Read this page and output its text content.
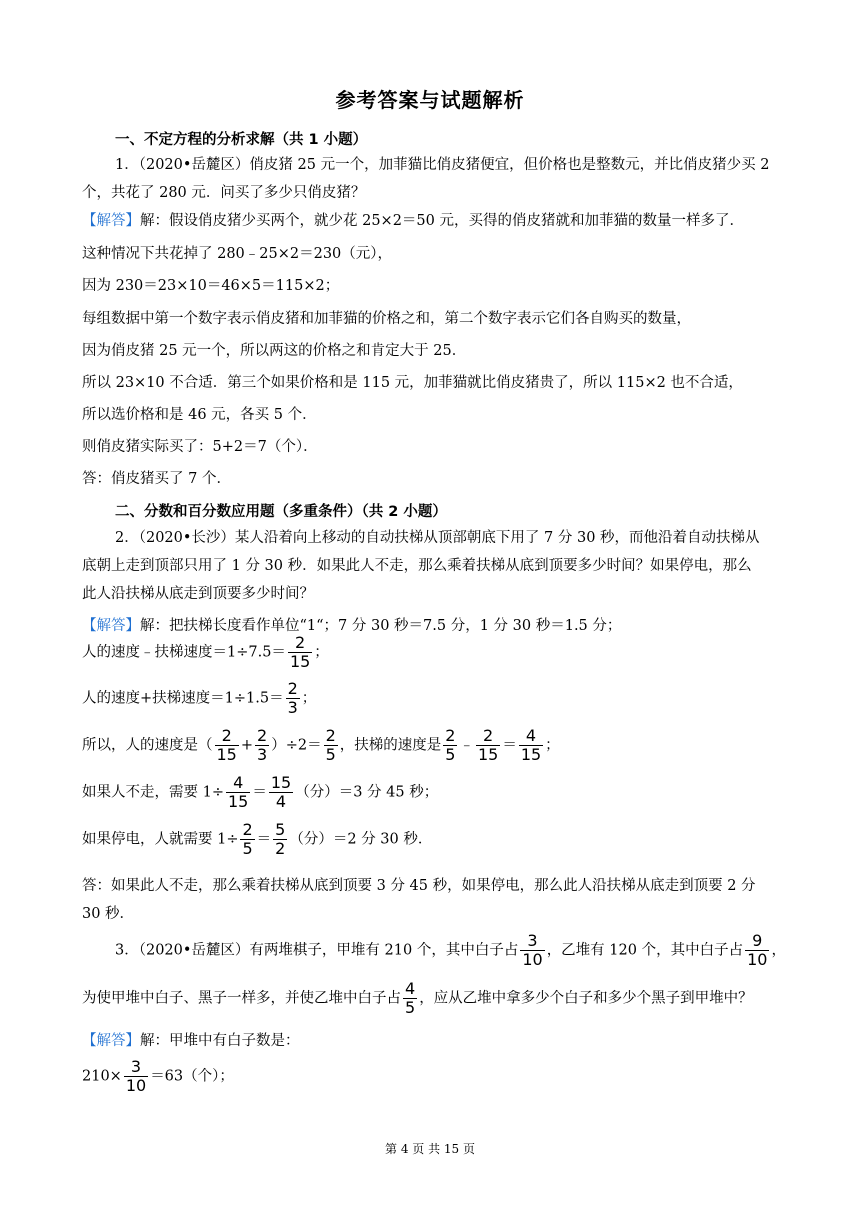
参考答案与试题解析
一、不定方程的分析求解（共 1 小题）
1．（2020•岳麓区）俏皮猪 25 元一个，加菲猫比俏皮猪便宜，但价格也是整数元，并比俏皮猪少买 2
个，共花了 280 元．问买了多少只俏皮猪？
【解答】解：假设俏皮猪少买两个，就少花 25×2＝50 元，买得的俏皮猪就和加菲猫的数量一样多了．
这种情况下共花掉了 280﹣25×2＝230（元），
因为 230＝23×10＝46×5＝115×2；
每组数据中第一个数字表示俏皮猪和加菲猫的价格之和，第二个数字表示它们各自购买的数量，
因为俏皮猪 25 元一个，所以两这的价格之和肯定大于 25．
所以 23×10 不合适．第三个如果价格和是 115 元，加菲猫就比俏皮猪贵了，所以 115×2 也不合适，
所以选价格和是 46 元，各买 5 个．
则俏皮猪实际买了：5+2＝7（个）．
答：俏皮猪买了 7 个．
二、分数和百分数应用题（多重条件）（共 2 小题）
2．（2020•长沙）某人沿着向上移动的自动扶梯从顶部朝底下用了 7 分 30 秒，而他沿着自动扶梯从
底朝上走到顶部只用了 1 分 30 秒．如果此人不走，那么乘着扶梯从底到顶要多少时间？如果停电，那么
此人沿扶梯从底走到顶要多少时间？
【解答】解：把扶梯长度看作单位“1“；7 分 30 秒＝7.5 分，1 分 30 秒＝1.5 分；
人的速度﹣扶梯速度$=1\div 7.5= \frac{2}{15}$ ；
人的速度+扶梯速度$=1\div 1.5= \frac{2}{3}$ ；
所以，人的速度是（ $\frac{2}{15} + \frac{2}{3} )\div 2= \frac{2}{5}$ ，扶梯的速度是 $\frac{2}{5}$ ﹣ $\frac{2}{15} = \frac{4}{15}$ ；
如果人不走，需要 $1\div \frac{4}{15} = \frac{15}{4}$ （分）＝3 分 45 秒；
如果停电，人就需要 $1\div \frac{2}{5} = \frac{5}{2}$ （分）＝2 分 30 秒．
答：如果此人不走，那么乘着扶梯从底到顶要 3 分 45 秒，如果停电，那么此人沿扶梯从底走到顶要 2 分
30 秒．
3．（2020•岳麓区）有两堆棋子，甲堆有 210 个，其中白子占 $\frac{3}{10}$ ，乙堆有 120 个，其中白子占 $\frac{9}{10}$ ，
为使甲堆中白子、黑子一样多，并使乙堆中白子占 $\frac{4}{5}$ ，应从乙堆中拿多少个白子和多少个黑子到甲堆中？
【解答】解：甲堆中有白子数是：
$210\times \frac{3}{10} =63$（个）；
第 4 页 共 15 页
